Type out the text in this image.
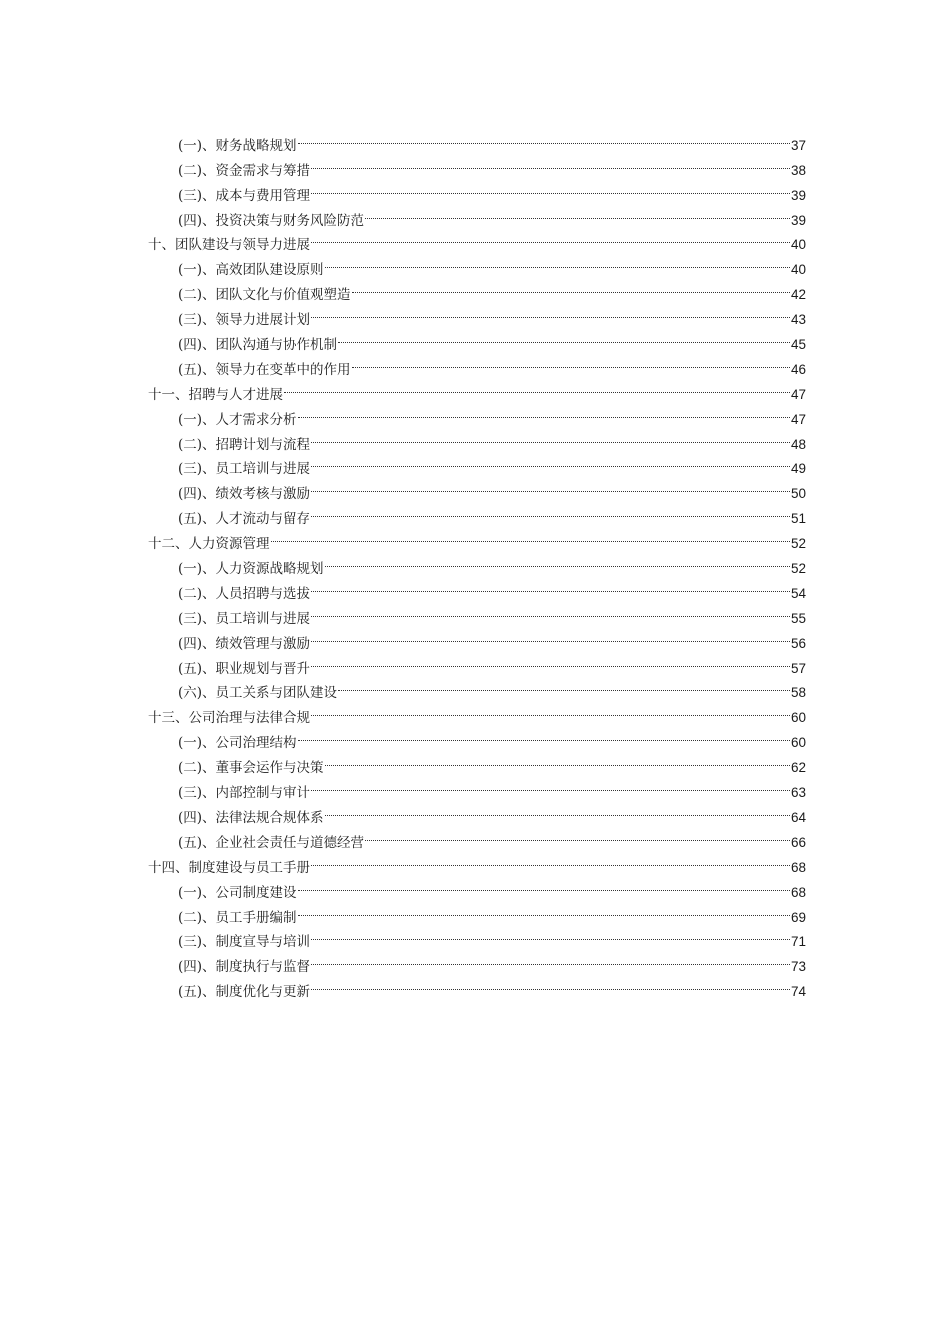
(一)、财务战略规划	37
(二)、资金需求与筹措	38
(三)、成本与费用管理	39
(四)、投资决策与财务风险防范	39
十、团队建设与领导力进展	40
(一)、高效团队建设原则	40
(二)、团队文化与价值观塑造	42
(三)、领导力进展计划	43
(四)、团队沟通与协作机制	45
(五)、领导力在变革中的作用	46
十一、招聘与人才进展	47
(一)、人才需求分析	47
(二)、招聘计划与流程	48
(三)、员工培训与进展	49
(四)、绩效考核与激励	50
(五)、人才流动与留存	51
十二、人力资源管理	52
(一)、人力资源战略规划	52
(二)、人员招聘与选拔	54
(三)、员工培训与进展	55
(四)、绩效管理与激励	56
(五)、职业规划与晋升	57
(六)、员工关系与团队建设	58
十三、公司治理与法律合规	60
(一)、公司治理结构	60
(二)、董事会运作与决策	62
(三)、内部控制与审计	63
(四)、法律法规合规体系	64
(五)、企业社会责任与道德经营	66
十四、制度建设与员工手册	68
(一)、公司制度建设	68
(二)、员工手册编制	69
(三)、制度宣导与培训	71
(四)、制度执行与监督	73
(五)、制度优化与更新	74
